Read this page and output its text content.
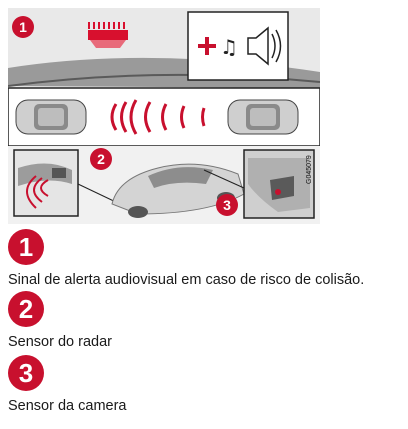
♫
1
2
3
G045079
1
Sinal de alerta audiovisual em caso de risco de colisão.
2
Sensor do radar
3
Sensor da camera
